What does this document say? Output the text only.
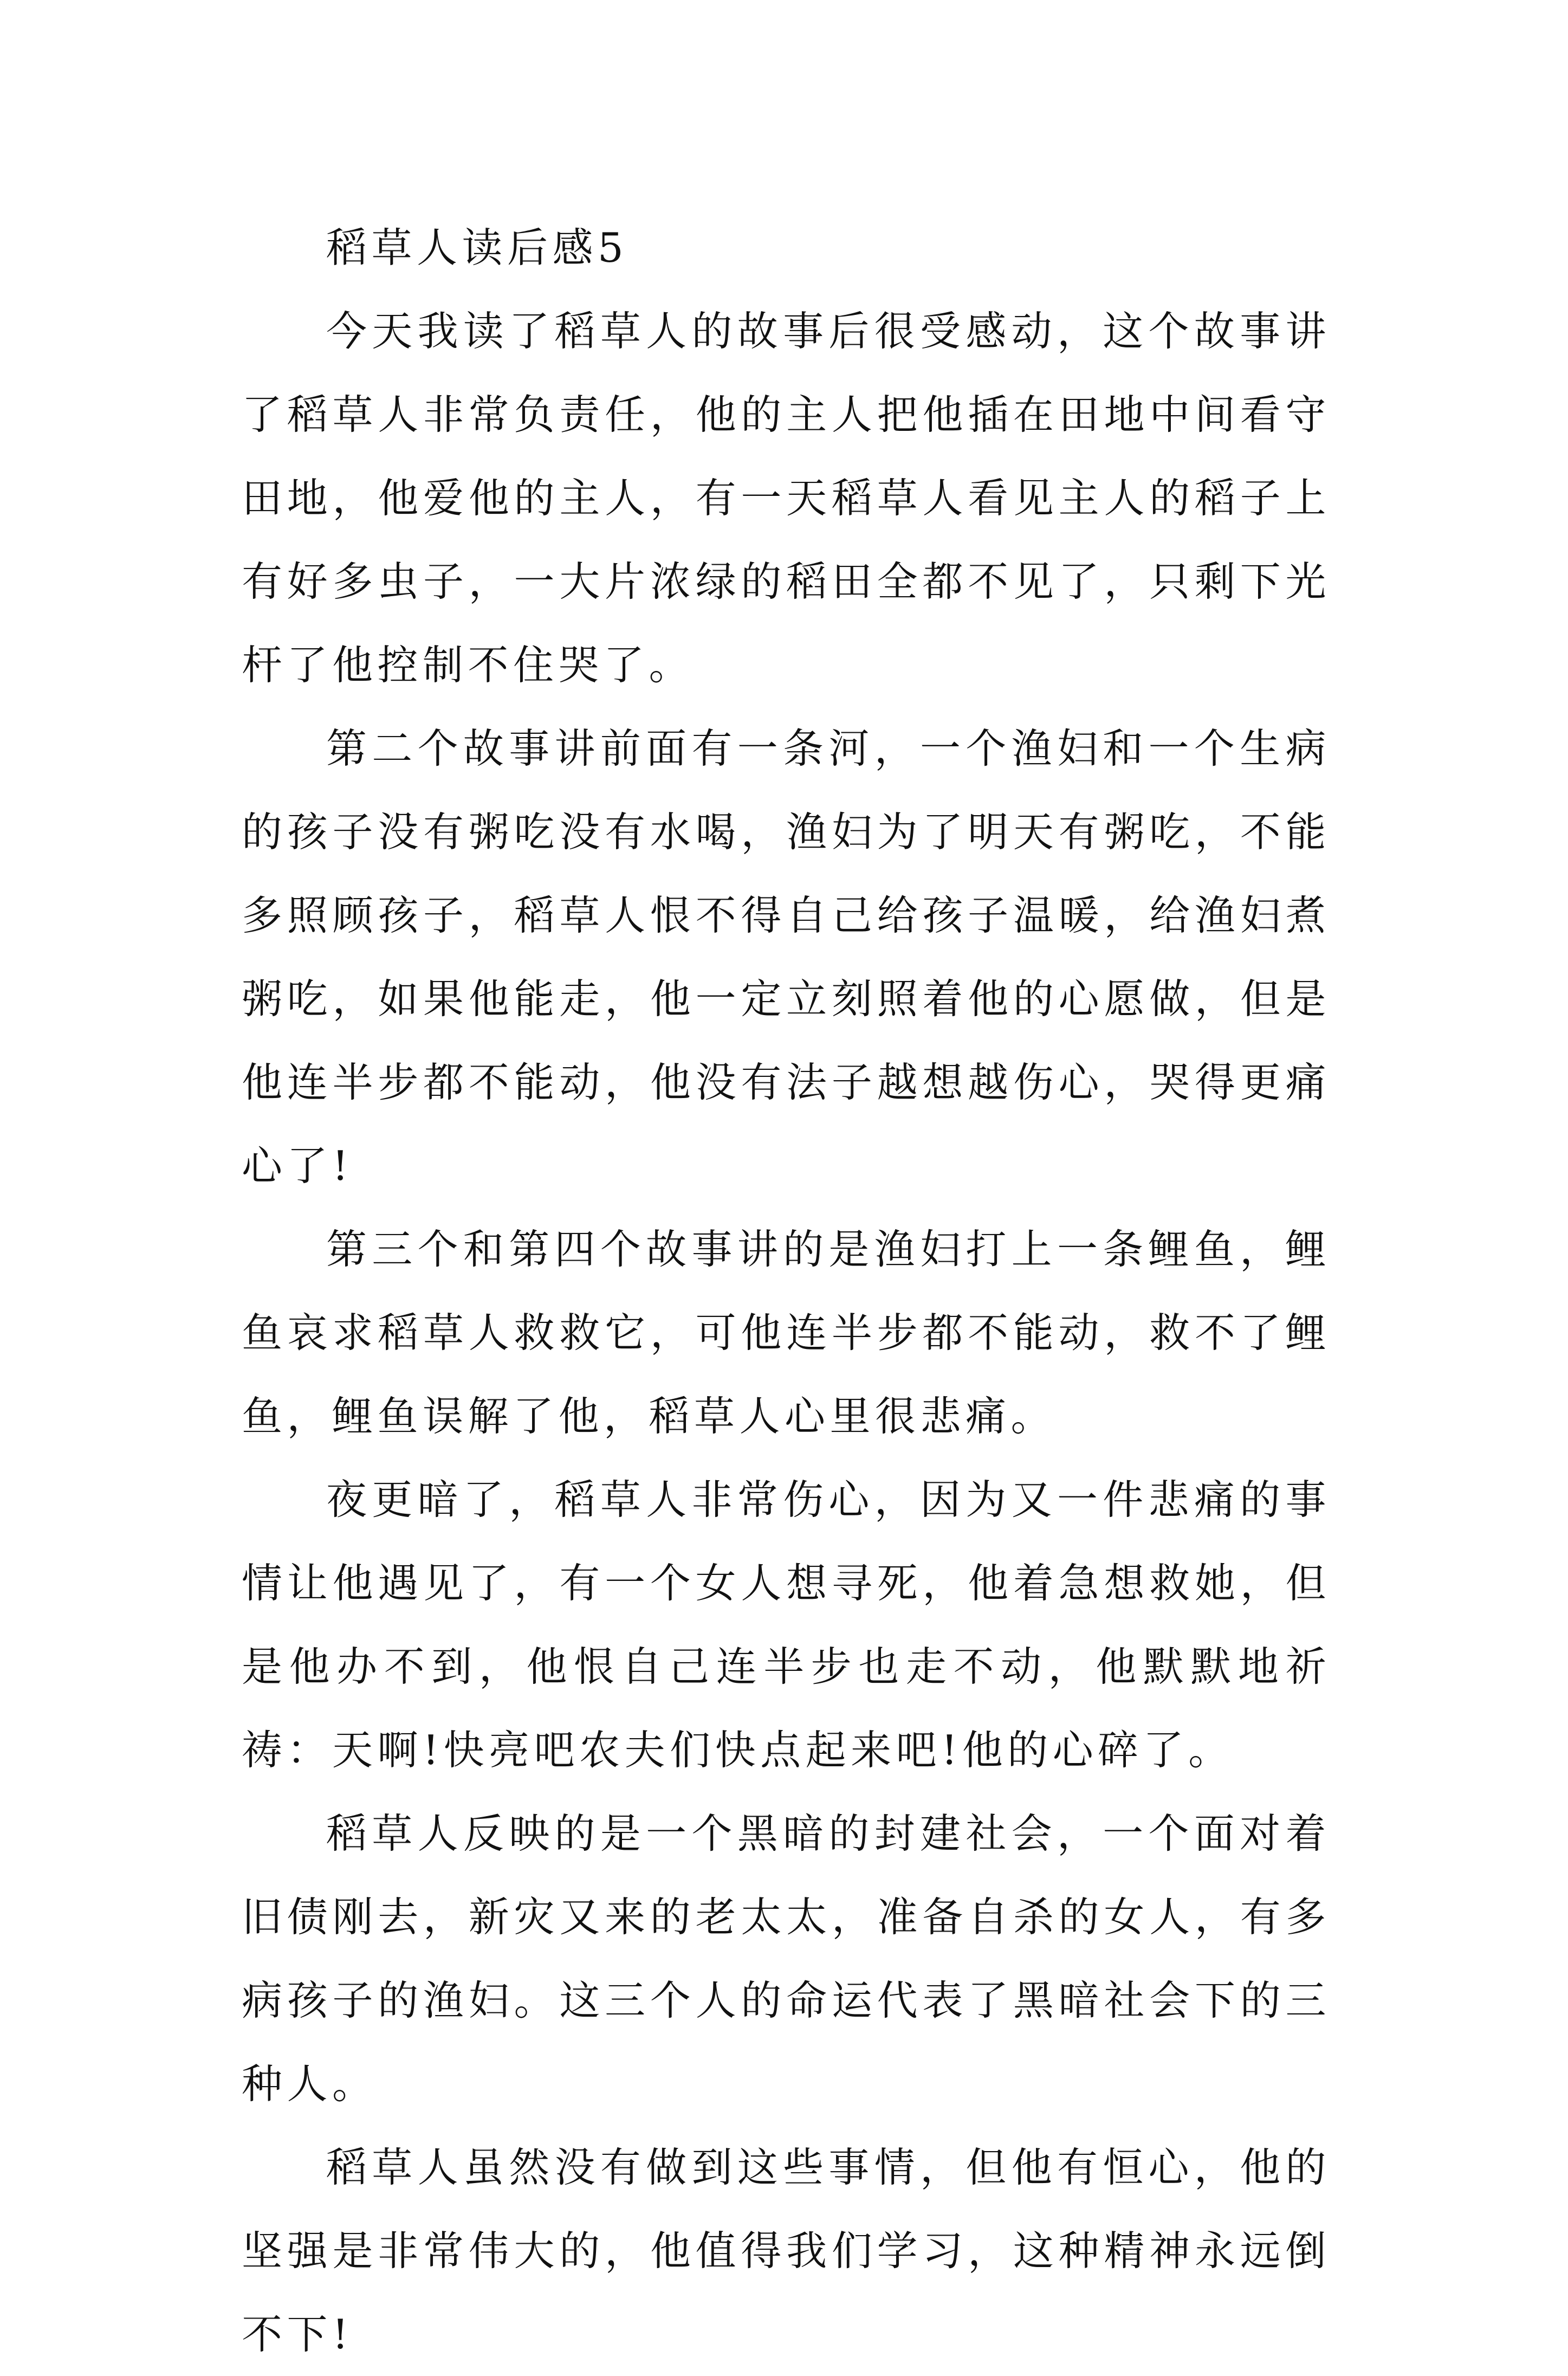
稻草人读后感5

今天我读了稻草人的故事后很受感动，这个故事讲了稻草人非常负责任，他的主人把他插在田地中间看守田地，他爱他的主人，有一天稻草人看见主人的稻子上有好多虫子，一大片浓绿的稻田全都不见了，只剩下光杆了他控制不住哭了。

第二个故事讲前面有一条河，一个渔妇和一个生病的孩子没有粥吃没有水喝，渔妇为了明天有粥吃，不能多照顾孩子，稻草人恨不得自己给孩子温暖，给渔妇煮粥吃，如果他能走，他一定立刻照着他的心愿做，但是他连半步都不能动，他没有法子越想越伤心，哭得更痛心了!

第三个和第四个故事讲的是渔妇打上一条鲤鱼，鲤鱼哀求稻草人救救它，可他连半步都不能动，救不了鲤鱼，鲤鱼误解了他，稻草人心里很悲痛。

夜更暗了，稻草人非常伤心，因为又一件悲痛的事情让他遇见了，有一个女人想寻死，他着急想救她，但是他办不到，他恨自己连半步也走不动，他默默地祈祷：天啊!快亮吧农夫们快点起来吧!他的心碎了。

稻草人反映的是一个黑暗的封建社会，一个面对着旧债刚去，新灾又来的老太太，准备自杀的女人，有多病孩子的渔妇。这三个人的命运代表了黑暗社会下的三种人。

稻草人虽然没有做到这些事情，但他有恒心，他的坚强是非常伟大的，他值得我们学习，这种精神永远倒不下!
